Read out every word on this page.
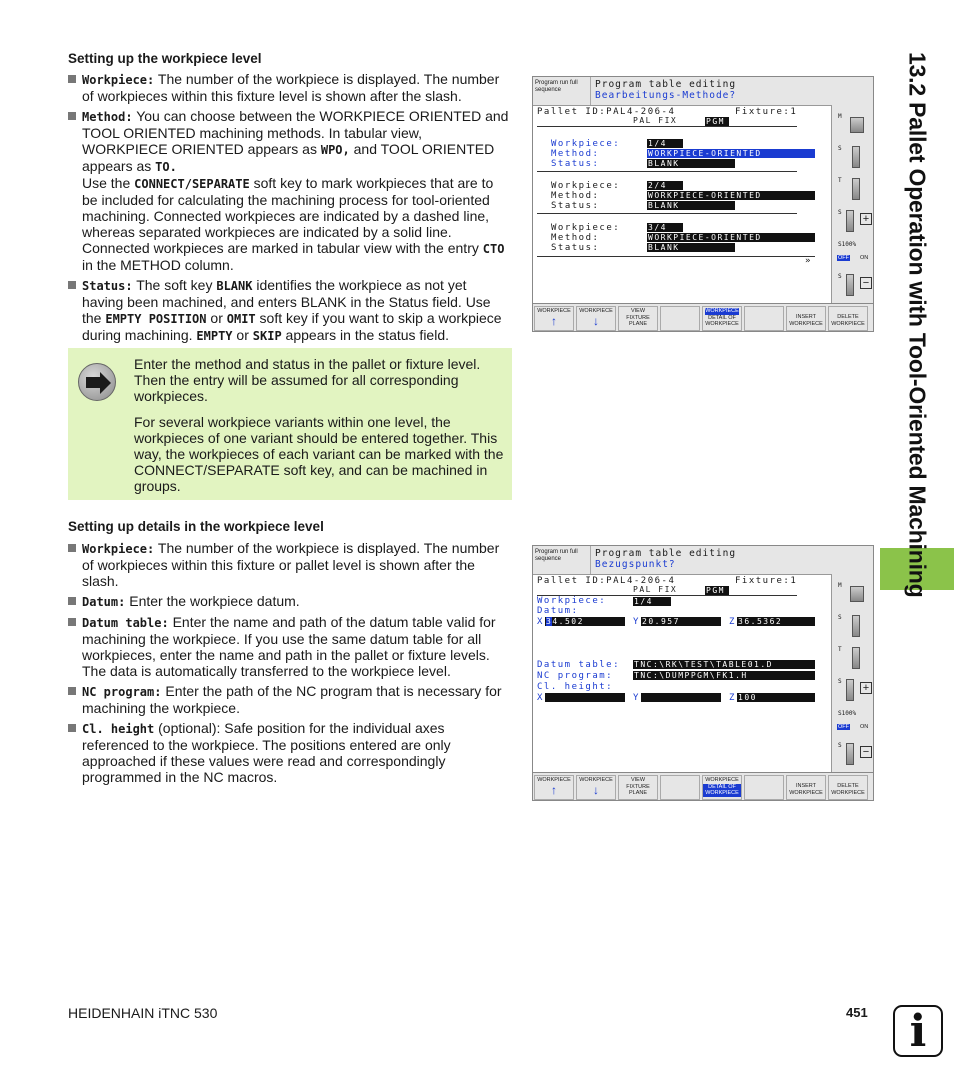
13.2 Pallet Operation with Tool-Oriented Machining
Setting up the workpiece level
Workpiece: The number of the workpiece is displayed. The number of workpieces within this fixture level is shown after the slash.
Method: You can choose between the WORKPIECE ORIENTED and TOOL ORIENTED machining methods. In tabular view, WORKPIECE ORIENTED appears as WPO, and TOOL ORIENTED appears as TO.
Use the CONNECT/SEPARATE soft key to mark workpieces that are to be included for calculating the machining process for tool-oriented machining. Connected workpieces are indicated by a dashed line, whereas separated workpieces are indicated by a solid line. Connected workpieces are marked in tabular view with the entry CTO in the METHOD column.
Status: The soft key BLANK identifies the workpiece as not yet having been machined, and enters BLANK in the Status field. Use the EMPTY POSITION or OMIT soft key if you want to skip a workpiece during machining. EMPTY or SKIP appears in the status field.

Enter the method and status in the pallet or fixture level. Then the entry will be assumed for all corresponding workpieces.

For several workpiece variants within one level, the workpieces of one variant should be entered together. This way, the workpieces of each variant can be marked with the CONNECT/SEPARATE soft key, and can be machined in groups.

Setting up details in the workpiece level
Workpiece: The number of the workpiece is displayed. The number of workpieces within this fixture or pallet level is shown after the slash.
Datum: Enter the workpiece datum.
Datum table: Enter the name and path of the datum table valid for machining the workpiece. If you use the same datum table for all workpieces, enter the name and path in the pallet or fixture levels. The data is automatically transferred to the workpiece level.
NC program: Enter the path of the NC program that is necessary for machining the workpiece.
Cl. height (optional): Safe position for the individual axes referenced to the workpiece. The positions entered are only approached if these values were read and correspondingly programmed in the NC macros.
Program run full sequence	Program table editing
Bearbeitungs-Methode?
Pallet ID:PAL4-206-4	Fixture:1
PAL FIX	PGM
Workpiece:	1/4
Method:	WORKPIECE-ORIENTED
Status:	BLANK
Workpiece:	2/4
Method:	WORKPIECE-ORIENTED
Status:	BLANK
Workpiece:	3/4
Method:	WORKPIECE-ORIENTED
Status:	BLANK
»
M
S
T
S
+
S100%
OFF ON
S
−
WORKPIECE
↑
WORKPIECE
↓
VIEW FIXTURE PLANE
WORKPIECE
DETAIL OF WORKPIECE
INSERT WORKPIECE
DELETE WORKPIECE
Program run full sequence	Program table editing
Bezugspunkt?
Pallet ID:PAL4-206-4	Fixture:1
PAL FIX	PGM
Workpiece:	1/4
Datum:
X 34.502	Y 20.957	Z 36.5362
Datum table: TNC:\RK\TEST\TABLE01.D
NC program:	TNC:\DUMPPGM\FK1.H
Cl. height:
X	Y	Z 100
M
S
T
S
+
S100%
OFF ON
S
−
WORKPIECE
↑
WORKPIECE
↓
VIEW FIXTURE PLANE
WORKPIECE
DETAIL OF WORKPIECE
INSERT WORKPIECE
DELETE WORKPIECE
HEIDENHAIN iTNC 530	451 i
